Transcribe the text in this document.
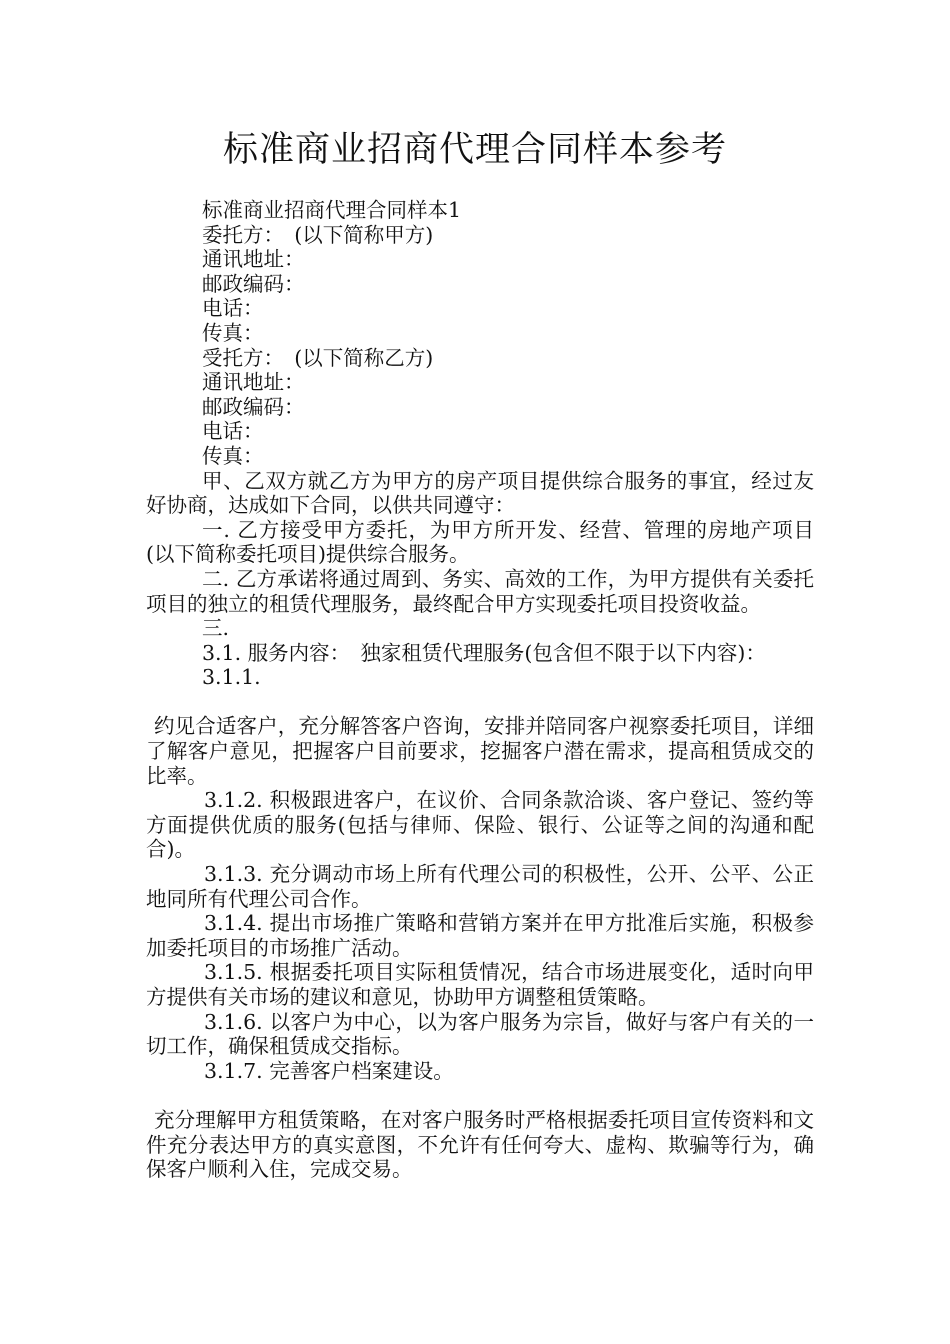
标准商业招商代理合同样本参考
标准商业招商代理合同样本1
委托方：　(以下简称甲方)
通讯地址：
邮政编码：
电话：
传真：
受托方：　(以下简称乙方)
通讯地址：
邮政编码：
电话：
传真：
甲、乙双方就乙方为甲方的房产项目提供综合服务的事宜，经过友好协商，达成如下合同，以供共同遵守：
一. 乙方接受甲方委托，为甲方所开发、经营、管理的房地产项目(以下简称委托项目)提供综合服务。
二. 乙方承诺将通过周到、务实、高效的工作，为甲方提供有关委托项目的独立的租赁代理服务，最终配合甲方实现委托项目投资收益。
三.
3.1. 服务内容：　独家租赁代理服务(包含但不限于以下内容)：
3.1.1.
约见合适客户，充分解答客户咨询，安排并陪同客户视察委托项目，详细了解客户意见，把握客户目前要求，挖掘客户潜在需求，提高租赁成交的比率。
3.1.2. 积极跟进客户，在议价、合同条款洽谈、客户登记、签约等方面提供优质的服务(包括与律师、保险、银行、公证等之间的沟通和配合)。
3.1.3. 充分调动市场上所有代理公司的积极性，公开、公平、公正地同所有代理公司合作。
3.1.4. 提出市场推广策略和营销方案并在甲方批准后实施，积极参加委托项目的市场推广活动。
3.1.5. 根据委托项目实际租赁情况，结合市场进展变化，适时向甲方提供有关市场的建议和意见，协助甲方调整租赁策略。
3.1.6. 以客户为中心，以为客户服务为宗旨，做好与客户有关的一切工作，确保租赁成交指标。
3.1.7. 完善客户档案建设。
充分理解甲方租赁策略，在对客户服务时严格根据委托项目宣传资料和文件充分表达甲方的真实意图，不允许有任何夸大、虚构、欺骗等行为，确保客户顺利入住，完成交易。
